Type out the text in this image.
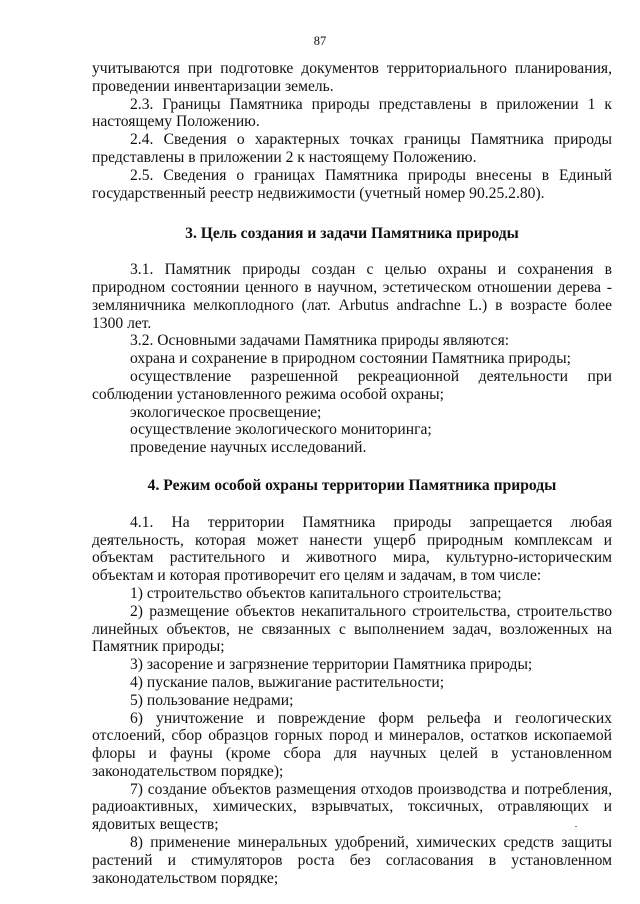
87

учитываются при подготовке документов территориального планирования, проведении инвентаризации земель.

2.3. Границы Памятника природы представлены в приложении 1 к настоящему Положению.

2.4. Сведения о характерных точках границы Памятника природы представлены в приложении 2 к настоящему Положению.

2.5. Сведения о границах Памятника природы внесены в Единый государственный реестр недвижимости (учетный номер 90.25.2.80).

3. Цель создания и задачи Памятника природы

3.1. Памятник природы создан с целью охраны и сохранения в природном состоянии ценного в научном, эстетическом отношении дерева - земляничника мелкоплодного (лат. Arbutus andrachne L.) в возрасте более 1300 лет.

3.2. Основными задачами Памятника природы являются:

охрана и сохранение в природном состоянии Памятника природы;

осуществление разрешенной рекреационной деятельности при соблюдении установленного режима особой охраны;

экологическое просвещение;

осуществление экологического мониторинга;

проведение научных исследований.

4. Режим особой охраны территории Памятника природы

4.1. На территории Памятника природы запрещается любая деятельность, которая может нанести ущерб природным комплексам и объектам растительного и животного мира, культурно-историческим объектам и которая противоречит его целям и задачам, в том числе:

1) строительство объектов капитального строительства;

2) размещение объектов некапитального строительства, строительство линейных объектов, не связанных с выполнением задач, возложенных на Памятник природы;

3) засорение и загрязнение территории Памятника природы;

4) пускание палов, выжигание растительности;

5) пользование недрами;

6) уничтожение и повреждение форм рельефа и геологических отслоений, сбор образцов горных пород и минералов, остатков ископаемой флоры и фауны (кроме сбора для научных целей в установленном законодательством порядке);

7) создание объектов размещения отходов производства и потребления, радиоактивных, химических, взрывчатых, токсичных, отравляющих и ядовитых веществ;

8) применение минеральных удобрений, химических средств защиты растений и стимуляторов роста без согласования в установленном законодательством порядке;
